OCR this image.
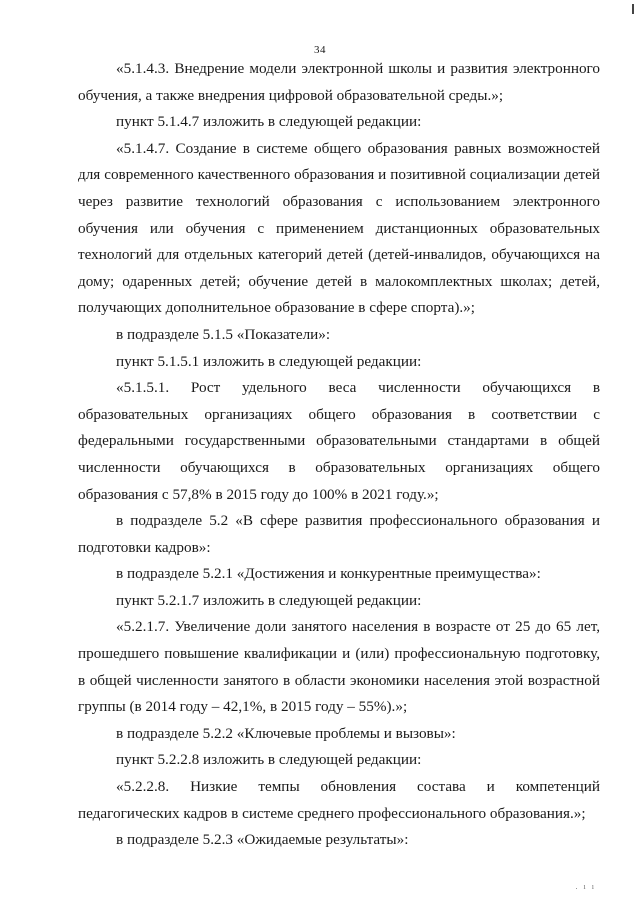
34

«5.1.4.3. Внедрение модели электронной школы и развития электронного обучения, а также внедрения цифровой образовательной среды.»;

пункт 5.1.4.7 изложить в следующей редакции:

«5.1.4.7. Создание в системе общего образования равных возможностей для современного качественного образования и позитивной социализации детей через развитие технологий образования с использованием электронного обучения или обучения с применением дистанционных образовательных технологий для отдельных категорий детей (детей-инвалидов, обучающихся на дому; одаренных детей; обучение детей в малокомплектных школах; детей, получающих дополнительное образование в сфере спорта).»;

в подразделе 5.1.5 «Показатели»:

пункт 5.1.5.1 изложить в следующей редакции:

«5.1.5.1. Рост удельного веса численности обучающихся в образовательных организациях общего образования в соответствии с федеральными государственными образовательными стандартами в общей численности обучающихся в образовательных организациях общего образования с 57,8% в 2015 году до 100% в 2021 году.»;

в подразделе 5.2 «В сфере развития профессионального образования и подготовки кадров»:

в подразделе 5.2.1 «Достижения и конкурентные преимущества»:

пункт 5.2.1.7 изложить в следующей редакции:

«5.2.1.7. Увеличение доли занятого населения в возрасте от 25 до 65 лет, прошедшего повышение квалификации и (или) профессиональную подготовку, в общей численности занятого в области экономики населения этой возрастной группы (в 2014 году – 42,1%, в 2015 году – 55%).»;

в подразделе 5.2.2 «Ключевые проблемы и вызовы»:

пункт 5.2.2.8 изложить в следующей редакции:

«5.2.2.8. Низкие темпы обновления состава и компетенций педагогических кадров в системе среднего профессионального образования.»;

в подразделе 5.2.3 «Ожидаемые результаты»:

. ı ı
